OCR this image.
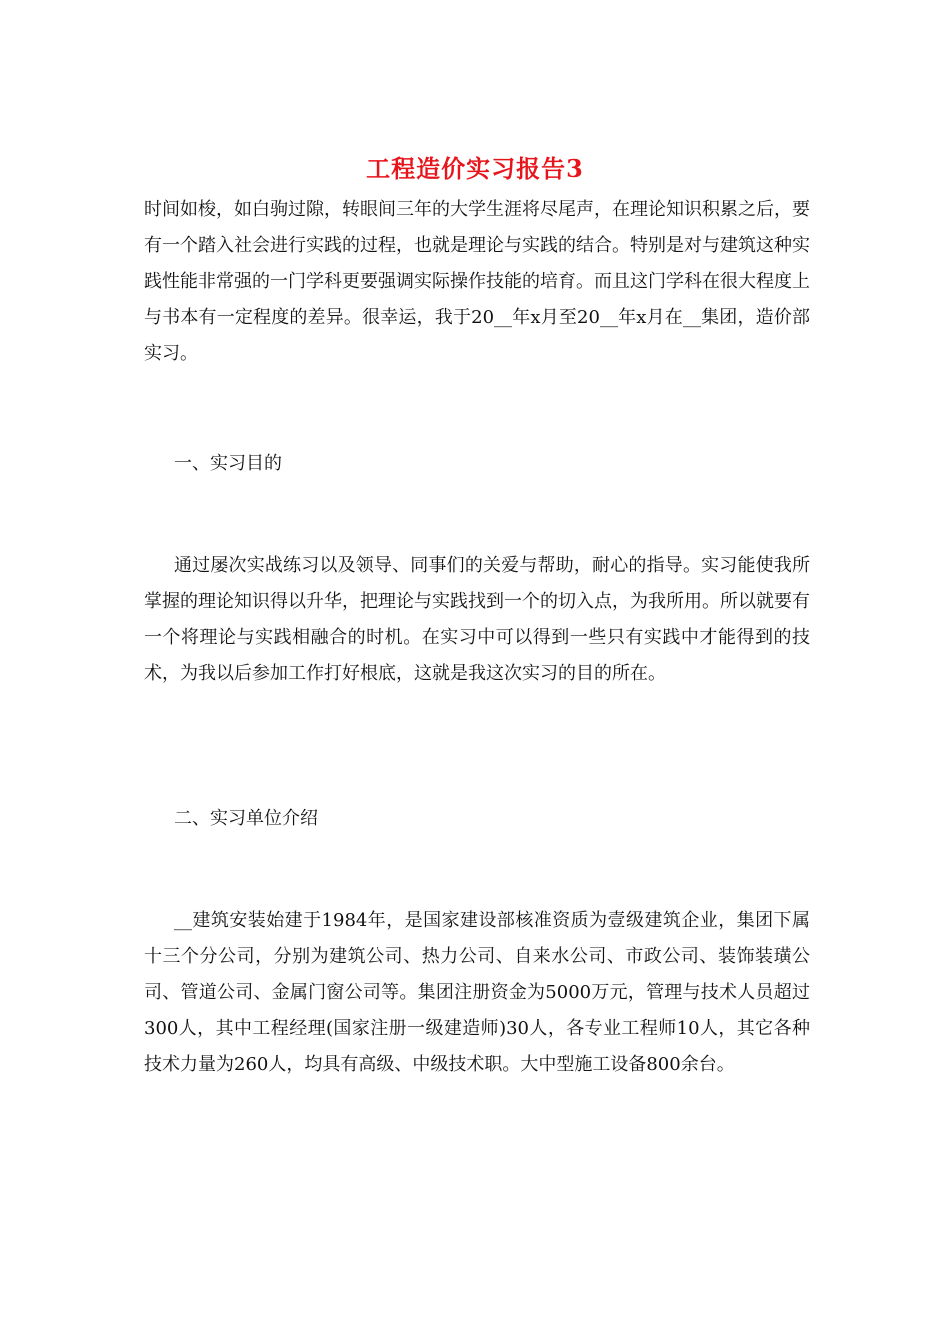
工程造价实习报告3
时间如梭，如白驹过隙，转眼间三年的大学生涯将尽尾声，在理论知识积累之后，要有一个踏入社会进行实践的过程，也就是理论与实践的结合。特别是对与建筑这种实践性能非常强的一门学科更要强调实际操作技能的培育。而且这门学科在很大程度上与书本有一定程度的差异。很幸运，我于20__年x月至20__年x月在__集团，造价部实习。
一、实习目的
通过屡次实战练习以及领导、同事们的关爱与帮助，耐心的指导。实习能使我所掌握的理论知识得以升华，把理论与实践找到一个的切入点，为我所用。所以就要有一个将理论与实践相融合的时机。在实习中可以得到一些只有实践中才能得到的技术，为我以后参加工作打好根底，这就是我这次实习的目的所在。
二、实习单位介绍
__建筑安装始建于1984年，是国家建设部核准资质为壹级建筑企业，集团下属十三个分公司，分别为建筑公司、热力公司、自来水公司、市政公司、装饰装璜公司、管道公司、金属门窗公司等。集团注册资金为5000万元，管理与技术人员超过300人，其中工程经理(国家注册一级建造师)30人，各专业工程师10人，其它各种技术力量为260人，均具有高级、中级技术职。大中型施工设备800余台。
